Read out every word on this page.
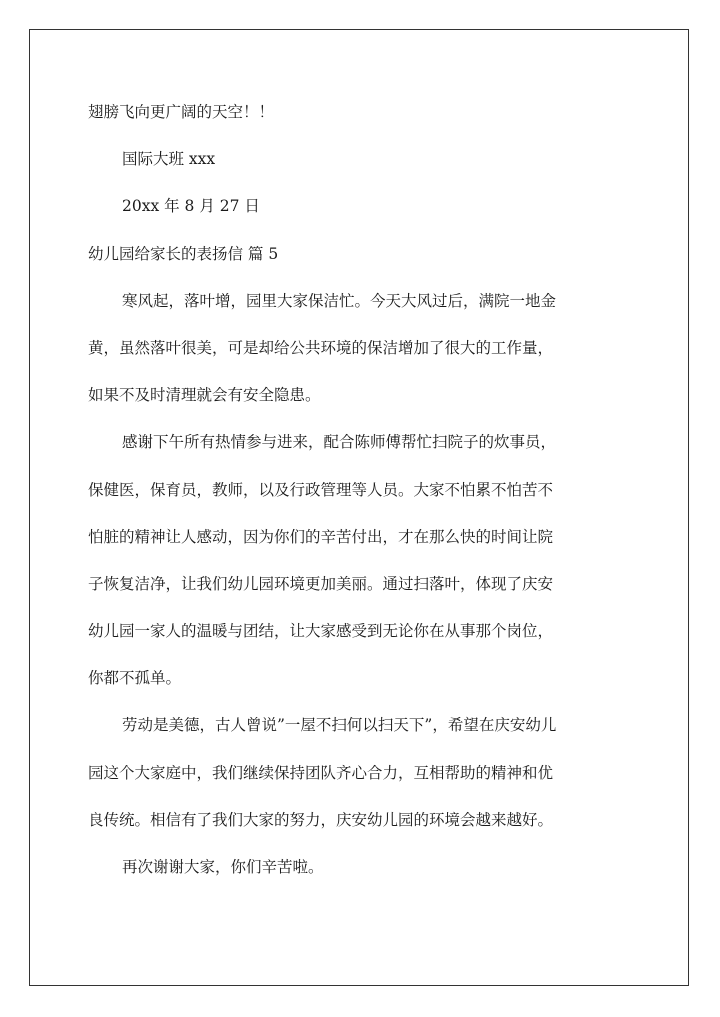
翅膀飞向更广阔的天空！！
国际大班 xxx
20xx 年 8 月 27 日
幼儿园给家长的表扬信 篇 5
寒风起，落叶增，园里大家保洁忙。今天大风过后，满院一地金
黄，虽然落叶很美，可是却给公共环境的保洁增加了很大的工作量，
如果不及时清理就会有安全隐患。
感谢下午所有热情参与进来，配合陈师傅帮忙扫院子的炊事员，
保健医，保育员，教师，以及行政管理等人员。大家不怕累不怕苦不
怕脏的精神让人感动，因为你们的辛苦付出，才在那么快的时间让院
子恢复洁净，让我们幼儿园环境更加美丽。通过扫落叶，体现了庆安
幼儿园一家人的温暖与团结，让大家感受到无论你在从事那个岗位，
你都不孤单。
劳动是美德，古人曾说”一屋不扫何以扫天下”，希望在庆安幼儿
园这个大家庭中，我们继续保持团队齐心合力，互相帮助的精神和优
良传统。相信有了我们大家的努力，庆安幼儿园的环境会越来越好。
再次谢谢大家，你们辛苦啦。
